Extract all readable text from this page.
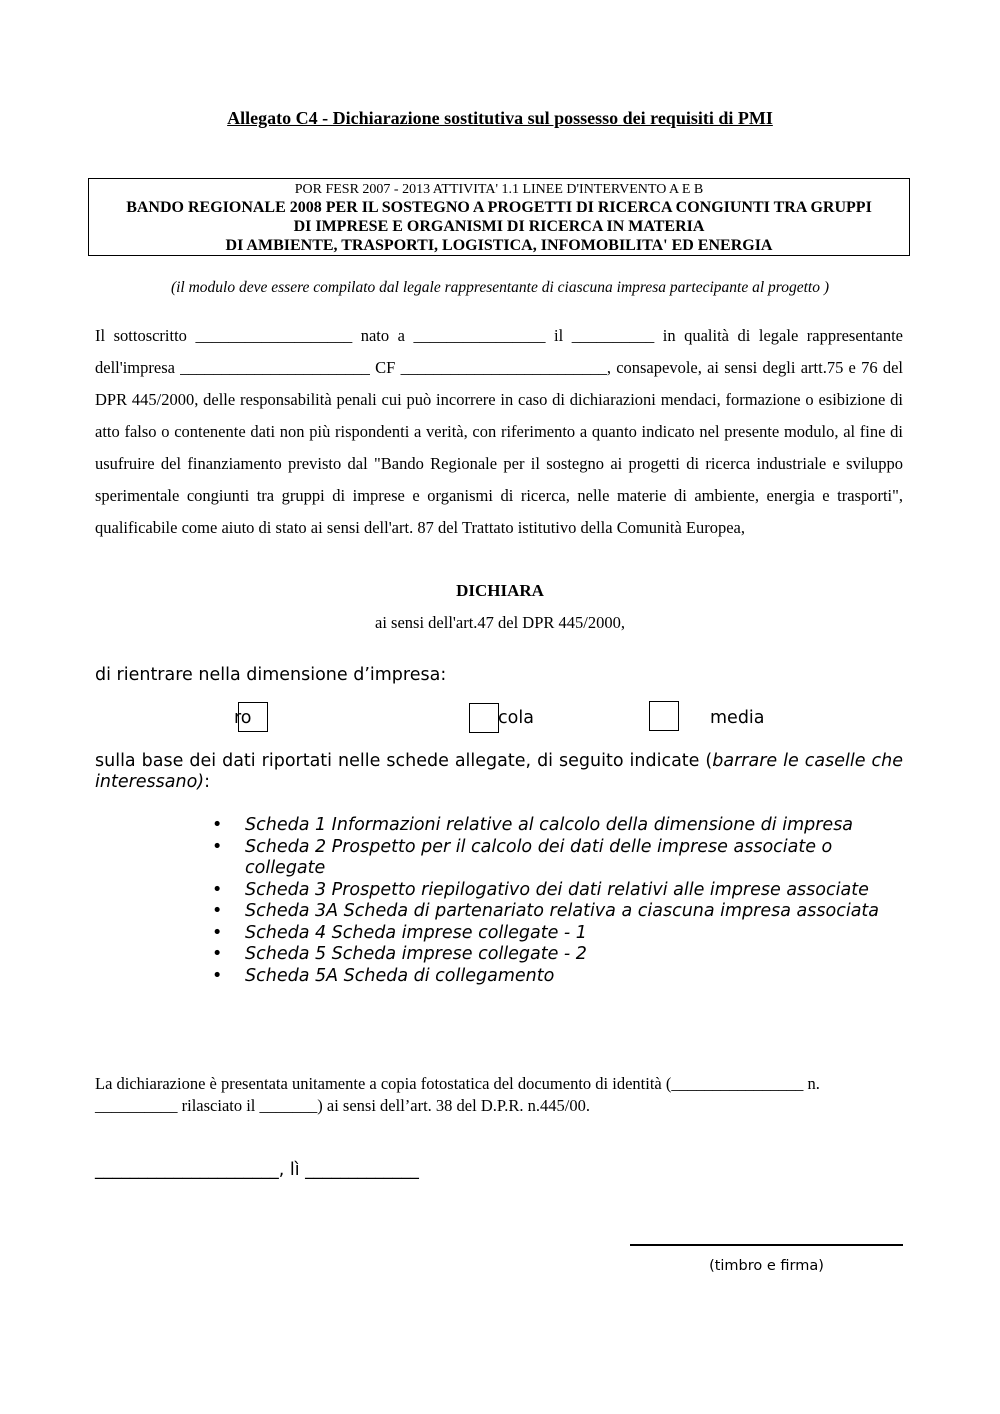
Allegato C4 - Dichiarazione sostitutiva sul possesso dei requisiti di PMI
POR FESR 2007 - 2013 ATTIVITA' 1.1 LINEE D'INTERVENTO A E B
BANDO REGIONALE 2008 PER IL SOSTEGNO A PROGETTI DI RICERCA CONGIUNTI TRA GRUPPI
DI IMPRESE E ORGANISMI DI RICERCA IN MATERIA
DI AMBIENTE, TRASPORTI, LOGISTICA, INFOMOBILITA' ED ENERGIA
(il modulo deve essere compilato dal legale rappresentante di ciascuna impresa partecipante al progetto )

Il sottoscritto ___________________ nato a ________________ il __________ in qualità di legale rappresentante dell'impresa _______________________ CF _________________________, consapevole, ai sensi degli artt.75 e 76 del DPR 445/2000, delle responsabilità penali cui può incorrere in caso di dichiarazioni mendaci, formazione o esibizione di atto falso o contenente dati non più rispondenti a verità, con riferimento a quanto indicato nel presente modulo, al fine di usufruire del finanziamento previsto dal "Bando Regionale per il sostegno ai progetti di ricerca industriale e sviluppo sperimentale congiunti tra gruppi di imprese e organismi di ricerca, nelle materie di ambiente, energia e trasporti", qualificabile come aiuto di stato ai sensi dell'art. 87 del Trattato istitutivo della Comunità Europea,

DICHIARA
ai sensi dell'art.47 del DPR 445/2000,
di rientrare nella dimensione d’impresa:
ro	cola	media

sulla base dei dati riportati nelle schede allegate, di seguito indicate (barrare le caselle che interessano):

• Scheda 1 Informazioni relative al calcolo della dimensione di impresa
• Scheda 2 Prospetto per il calcolo dei dati delle imprese associate o collegate
• Scheda 3 Prospetto riepilogativo dei dati relativi alle imprese associate
• Scheda 3A Scheda di partenariato relativa a ciascuna impresa associata
• Scheda 4 Scheda imprese collegate - 1
• Scheda 5 Scheda imprese collegate - 2
• Scheda 5A Scheda di collegamento

La dichiarazione è presentata unitamente a copia fotostatica del documento di identità (________________ n. __________ rilasciato il _______) ai sensi dell’art. 38 del D.P.R. n.445/00.

_____________________, lì _____________
(timbro e firma)
